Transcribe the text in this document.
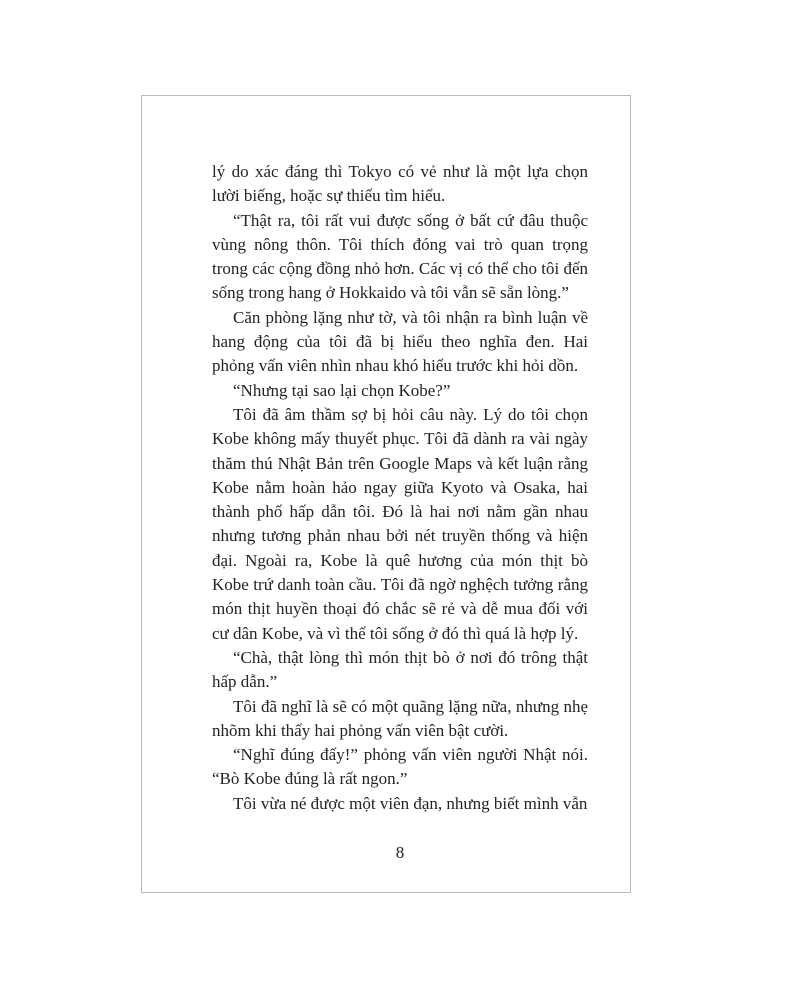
lý do xác đáng thì Tokyo có vẻ như là một lựa chọn lười biếng, hoặc sự thiếu tìm hiểu.

“Thật ra, tôi rất vui được sống ở bất cứ đâu thuộc vùng nông thôn. Tôi thích đóng vai trò quan trọng trong các cộng đồng nhỏ hơn. Các vị có thể cho tôi đến sống trong hang ở Hokkaido và tôi vẫn sẽ sẵn lòng.”

Căn phòng lặng như tờ, và tôi nhận ra bình luận về hang động của tôi đã bị hiểu theo nghĩa đen. Hai phỏng vấn viên nhìn nhau khó hiểu trước khi hỏi dồn.

“Nhưng tại sao lại chọn Kobe?”

Tôi đã âm thầm sợ bị hỏi câu này. Lý do tôi chọn Kobe không mấy thuyết phục. Tôi đã dành ra vài ngày thăm thú Nhật Bản trên Google Maps và kết luận rằng Kobe nằm hoàn hảo ngay giữa Kyoto và Osaka, hai thành phố hấp dẫn tôi. Đó là hai nơi nằm gần nhau nhưng tương phản nhau bởi nét truyền thống và hiện đại. Ngoài ra, Kobe là quê hương của món thịt bò Kobe trứ danh toàn cầu. Tôi đã ngờ nghệch tưởng rằng món thịt huyền thoại đó chắc sẽ rẻ và dễ mua đối với cư dân Kobe, và vì thế tôi sống ở đó thì quá là hợp lý.

“Chà, thật lòng thì món thịt bò ở nơi đó trông thật hấp dẫn.”

Tôi đã nghĩ là sẽ có một quãng lặng nữa, nhưng nhẹ nhõm khi thấy hai phỏng vấn viên bật cười.

“Nghĩ đúng đấy!” phỏng vấn viên người Nhật nói. “Bò Kobe đúng là rất ngon.”

Tôi vừa né được một viên đạn, nhưng biết mình vẫn

8
